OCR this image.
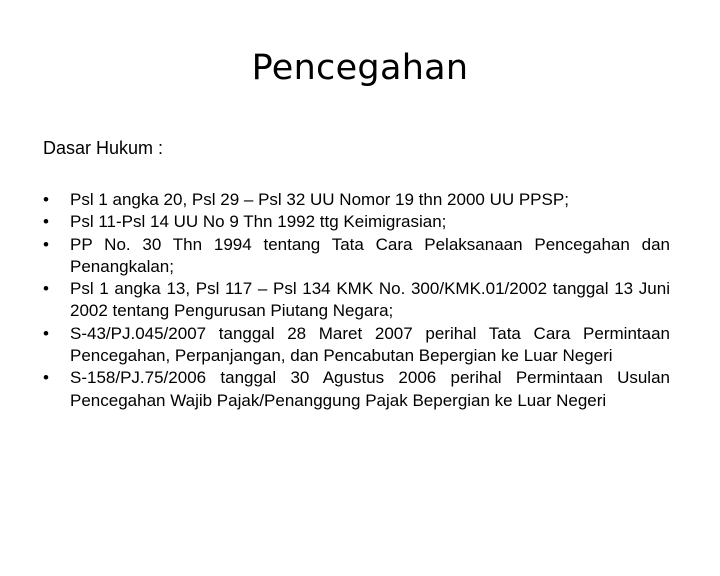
Pencegahan

Dasar Hukum :

•	Psl 1 angka 20, Psl 29 – Psl 32 UU Nomor 19 thn 2000 UU PPSP;
•	Psl 11-Psl 14 UU No 9 Thn 1992 ttg Keimigrasian;
•	PP No. 30 Thn 1994 tentang Tata Cara Pelaksanaan Pencegahan dan Penangkalan;
•	Psl 1 angka 13, Psl 117 – Psl 134 KMK No. 300/KMK.01/2002 tanggal 13 Juni 2002 tentang Pengurusan Piutang Negara;
•	S-43/PJ.045/2007 tanggal 28 Maret 2007 perihal Tata Cara Permintaan Pencegahan, Perpanjangan, dan Pencabutan Bepergian ke Luar Negeri
•	S-158/PJ.75/2006 tanggal 30 Agustus 2006 perihal Permintaan Usulan Pencegahan Wajib Pajak/Penanggung Pajak Bepergian ke Luar Negeri
